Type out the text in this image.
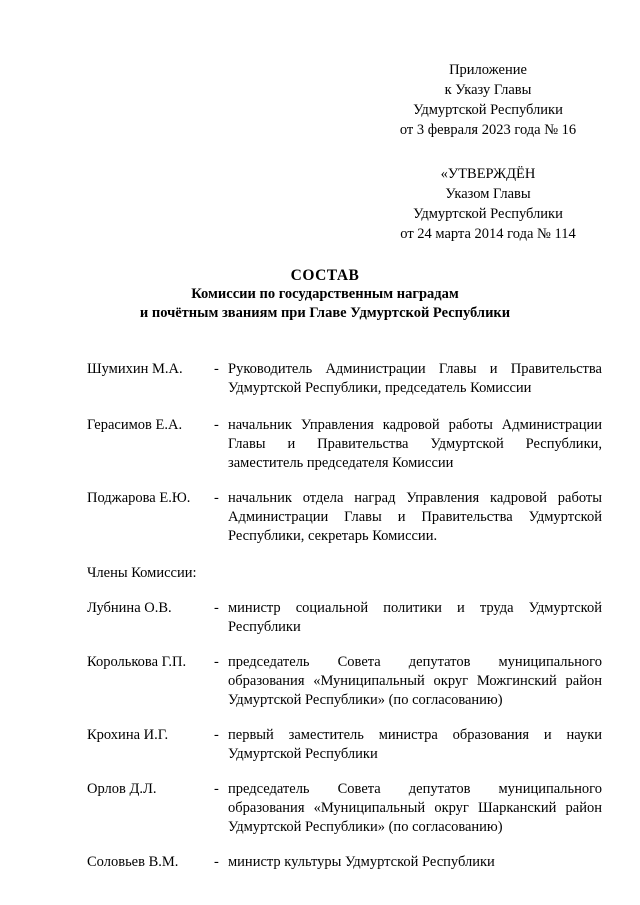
Приложение
к Указу Главы
Удмуртской Республики
от 3 февраля 2023 года № 16
«УТВЕРЖДЁН
Указом Главы
Удмуртской Республики
от 24 марта 2014 года № 114
СОСТАВ
Комиссии по государственным наградам
и почётным званиям при Главе Удмуртской Республики
Шумихин М.А.	- Руководитель Администрации Главы и Правительства Удмуртской Республики, председатель Комиссии
Герасимов Е.А.	- начальник Управления кадровой работы Администрации Главы и Правительства Удмуртской Республики, заместитель председателя Комиссии
Поджарова Е.Ю.	- начальник отдела наград Управления кадровой работы Администрации Главы и Правительства Удмуртской Республики, секретарь Комиссии.
Члены Комиссии:
Лубнина О.В.	- министр социальной политики и труда Удмуртской Республики
Королькова Г.П.	- председатель Совета депутатов муниципального образования «Муниципальный округ Можгинский район Удмуртской Республики» (по согласованию)
Крохина И.Г.	- первый заместитель министра образования и науки Удмуртской Республики
Орлов Д.Л.	- председатель Совета депутатов муниципального образования «Муниципальный округ Шарканский район Удмуртской Республики» (по согласованию)
Соловьев В.М.	- министр культуры Удмуртской Республики
